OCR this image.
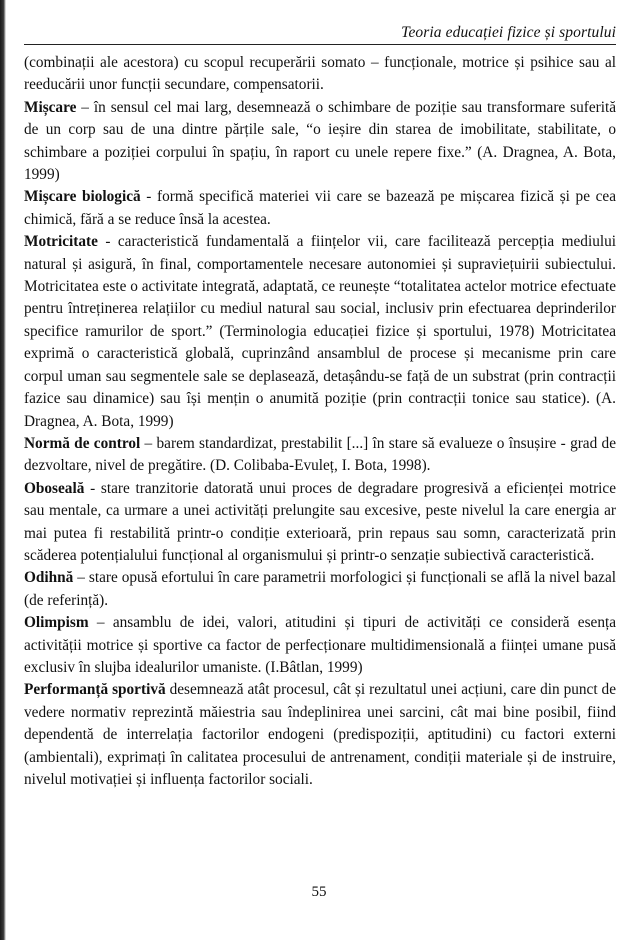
Teoria educației fizice și sportului

(combinații ale acestora) cu scopul recuperării somato – funcționale, motrice și psihice sau al reeducării unor funcții secundare, compensatorii.

Mișcare – în sensul cel mai larg, desemnează o schimbare de poziție sau transformare suferită de un corp sau de una dintre părțile sale, “o ieșire din starea de imobilitate, stabilitate, o schimbare a poziției corpului în spațiu, în raport cu unele repere fixe.” (A. Dragnea, A. Bota, 1999)

Mișcare biologică - formă specifică materiei vii care se bazează pe mișcarea fizică și pe cea chimică, fără a se reduce însă la acestea.

Motricitate - caracteristică fundamentală a ființelor vii, care facilitează percepția mediului natural și asigură, în final, comportamentele necesare autonomiei și supraviețuirii subiectului. Motricitatea este o activitate integrată, adaptată, ce reunește “totalitatea actelor motrice efectuate pentru întreținerea relațiilor cu mediul natural sau social, inclusiv prin efectuarea deprinderilor specifice ramurilor de sport.” (Terminologia educației fizice și sportului, 1978) Motricitatea exprimă o caracteristică globală, cuprinzând ansamblul de procese și mecanisme prin care corpul uman sau segmentele sale se deplasează, detașându-se față de un substrat (prin contracții fazice sau dinamice) sau își mențin o anumită poziție (prin contracții tonice sau statice). (A. Dragnea, A. Bota, 1999)

Normă de control – barem standardizat, prestabilit [...] în stare să evalueze o însușire - grad de dezvoltare, nivel de pregătire. (D. Colibaba-Evuleț, I. Bota, 1998).

Oboseală - stare tranzitorie datorată unui proces de degradare progresivă a eficienței motrice sau mentale, ca urmare a unei activități prelungite sau excesive, peste nivelul la care energia ar mai putea fi restabilită printr-o condiție exterioară, prin repaus sau somn, caracterizată prin scăderea potențialului funcțional al organismului și printr-o senzație subiectivă caracteristică.

Odihnă – stare opusă efortului în care parametrii morfologici și funcționali se află la nivel bazal (de referință).

Olimpism – ansamblu de idei, valori, atitudini și tipuri de activități ce consideră esența activității motrice și sportive ca factor de perfecționare multidimensională a ființei umane pusă exclusiv în slujba idealurilor umaniste. (I.Bâtlan, 1999)

Performanță sportivă desemnează atât procesul, cât și rezultatul unei acțiuni, care din punct de vedere normativ reprezintă măiestria sau îndeplinirea unei sarcini, cât mai bine posibil, fiind dependentă de interrelația factorilor endogeni (predispoziții, aptitudini) cu factori externi (ambientali), exprimați în calitatea procesului de antrenament, condiții materiale și de instruire, nivelul motivației și influența factorilor sociali.

55
